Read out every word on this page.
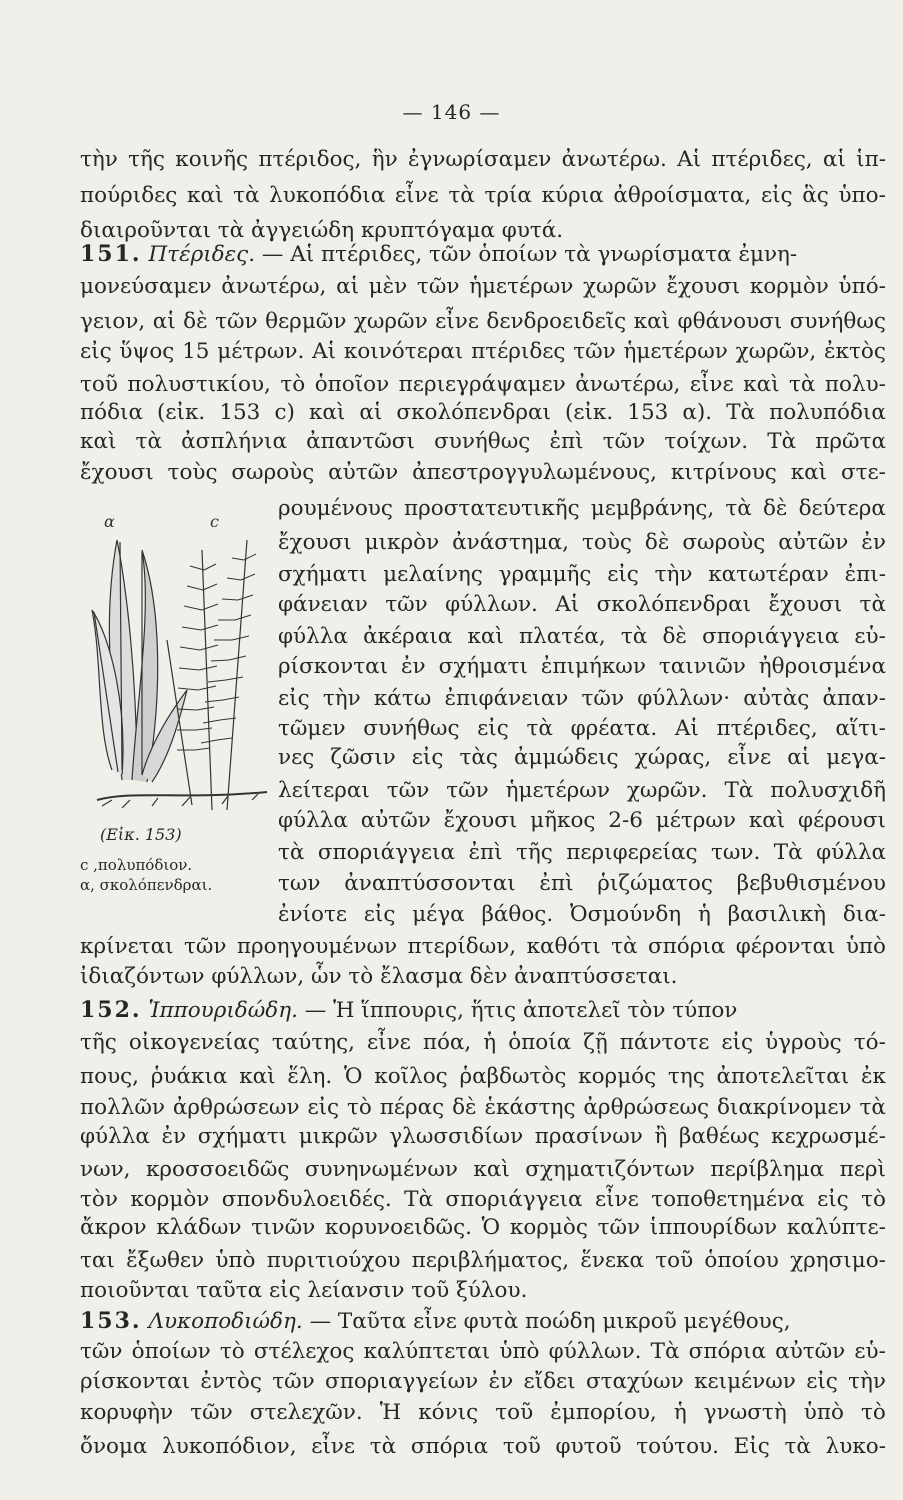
— 146 —
τὴν τῆς κοινῆς πτέριδος, ἣν ἐγνωρίσαμεν ἀνωτέρω. Αἱ πτέριδες, αἱ ἱπ-
πούριδες καὶ τὰ λυκοπόδια εἶνε τὰ τρία κύρια ἀθροίσματα, εἰς ἃς ὑπο-
διαιροῦνται τὰ ἀγγειώδη κρυπτόγαμα φυτά.
151. Πτέριδες. — Αἱ πτέριδες, τῶν ὁποίων τὰ γνωρίσματα ἐμνη-
μονεύσαμεν ἀνωτέρω, αἱ μὲν τῶν ἡμετέρων χωρῶν ἔχουσι κορμὸν ὑπό-
γειον, αἱ δὲ τῶν θερμῶν χωρῶν εἶνε δενδροειδεῖς καὶ φθάνουσι συνήθως
εἰς ὕψος 15 μέτρων. Αἱ κοινότεραι πτέριδες τῶν ἡμετέρων χωρῶν, ἐκτὸς
τοῦ πολυστικίου, τὸ ὁποῖον περιεγράψαμεν ἀνωτέρω, εἶνε καὶ τὰ πολυ-
πόδια (εἰκ. 153 c) καὶ αἱ σκολόπενδραι (εἰκ. 153 α). Τὰ πολυπόδια
καὶ τὰ ἀσπλήνια ἀπαντῶσι συνήθως ἐπὶ τῶν τοίχων. Τὰ πρῶτα
ἔχουσι τοὺς σωροὺς αὐτῶν ἀπεστρογγυλωμένους, κιτρίνους καὶ στε-
ρουμένους προστατευτικῆς μεμβράνης, τὰ δὲ δεύτερα
ἔχουσι μικρὸν ἀνάστημα, τοὺς δὲ σωροὺς αὐτῶν ἐν
σχήματι μελαίνης γραμμῆς εἰς τὴν κατωτέραν ἐπι-
φάνειαν τῶν φύλλων. Αἱ σκολόπενδραι ἔχουσι τὰ
φύλλα ἀκέραια καὶ πλατέα, τὰ δὲ σποριάγγεια εὑ-
ρίσκονται ἐν σχήματι ἐπιμήκων ταινιῶν ἠθροισμένα
εἰς τὴν κάτω ἐπιφάνειαν τῶν φύλλων· αὐτὰς ἀπαν-
τῶμεν συνήθως εἰς τὰ φρέατα. Αἱ πτέριδες, αἵτι-
νες ζῶσιν εἰς τὰς ἀμμώδεις χώρας, εἶνε αἱ μεγα-
λείτεραι τῶν τῶν ἡμετέρων χωρῶν. Τὰ πολυσχιδῆ
φύλλα αὐτῶν ἔχουσι μῆκος 2-6 μέτρων καὶ φέρουσι
τὰ σποριάγγεια ἐπὶ τῆς περιφερείας των. Τὰ φύλλα
των ἀναπτύσσονται ἐπὶ ῥιζώματος βεβυθισμένου
ἐνίοτε εἰς μέγα βάθος. Ὀσμούνδη ἡ βασιλικὴ δια-
κρίνεται τῶν προηγουμένων πτερίδων, καθότι τὰ σπόρια φέρονται ὑπὸ
ἰδιαζόντων φύλλων, ὧν τὸ ἔλασμα δὲν ἀναπτύσσεται.
152. Ἱππουριδώδη. — Ἡ ἵππουρις, ἥτις ἀποτελεῖ τὸν τύπον
τῆς οἰκογενείας ταύτης, εἶνε πόα, ἡ ὁποία ζῇ πάντοτε εἰς ὑγροὺς τό-
πους, ῥυάκια καὶ ἕλη. Ὁ κοῖλος ῥαβδωτὸς κορμός της ἀποτελεῖται ἐκ
πολλῶν ἀρθρώσεων εἰς τὸ πέρας δὲ ἑκάστης ἀρθρώσεως διακρίνομεν τὰ
φύλλα ἐν σχήματι μικρῶν γλωσσιδίων πρασίνων ἢ βαθέως κεχρωσμέ-
νων, κροσσοειδῶς συνηνωμένων καὶ σχηματιζόντων περίβλημα περὶ
τὸν κορμὸν σπονδυλοειδές. Τὰ σποριάγγεια εἶνε τοποθετημένα εἰς τὸ
ἄκρον κλάδων τινῶν κορυνοειδῶς. Ὁ κορμὸς τῶν ἱππουρίδων καλύπτε-
ται ἔξωθεν ὑπὸ πυριτιούχου περιβλήματος, ἕνεκα τοῦ ὁποίου χρησιμο-
ποιοῦνται ταῦτα εἰς λείανσιν τοῦ ξύλου.
153. Λυκοποδιώδη. — Ταῦτα εἶνε φυτὰ ποώδη μικροῦ μεγέθους,
τῶν ὁποίων τὸ στέλεχος καλύπτεται ὑπὸ φύλλων. Τὰ σπόρια αὐτῶν εὑ-
ρίσκονται ἐντὸς τῶν σποριαγγείων ἐν εἴδει σταχύων κειμένων εἰς τὴν
κορυφὴν τῶν στελεχῶν. Ἡ κόνις τοῦ ἐμπορίου, ἡ γνωστὴ ὑπὸ τὸ
ὄνομα λυκοπόδιον, εἶνε τὰ σπόρια τοῦ φυτοῦ τούτου. Εἰς τὰ λυκο-
α	c
(Εἰκ. 153)
c ,πολυπόδιον.
α, σκολόπενδραι.
